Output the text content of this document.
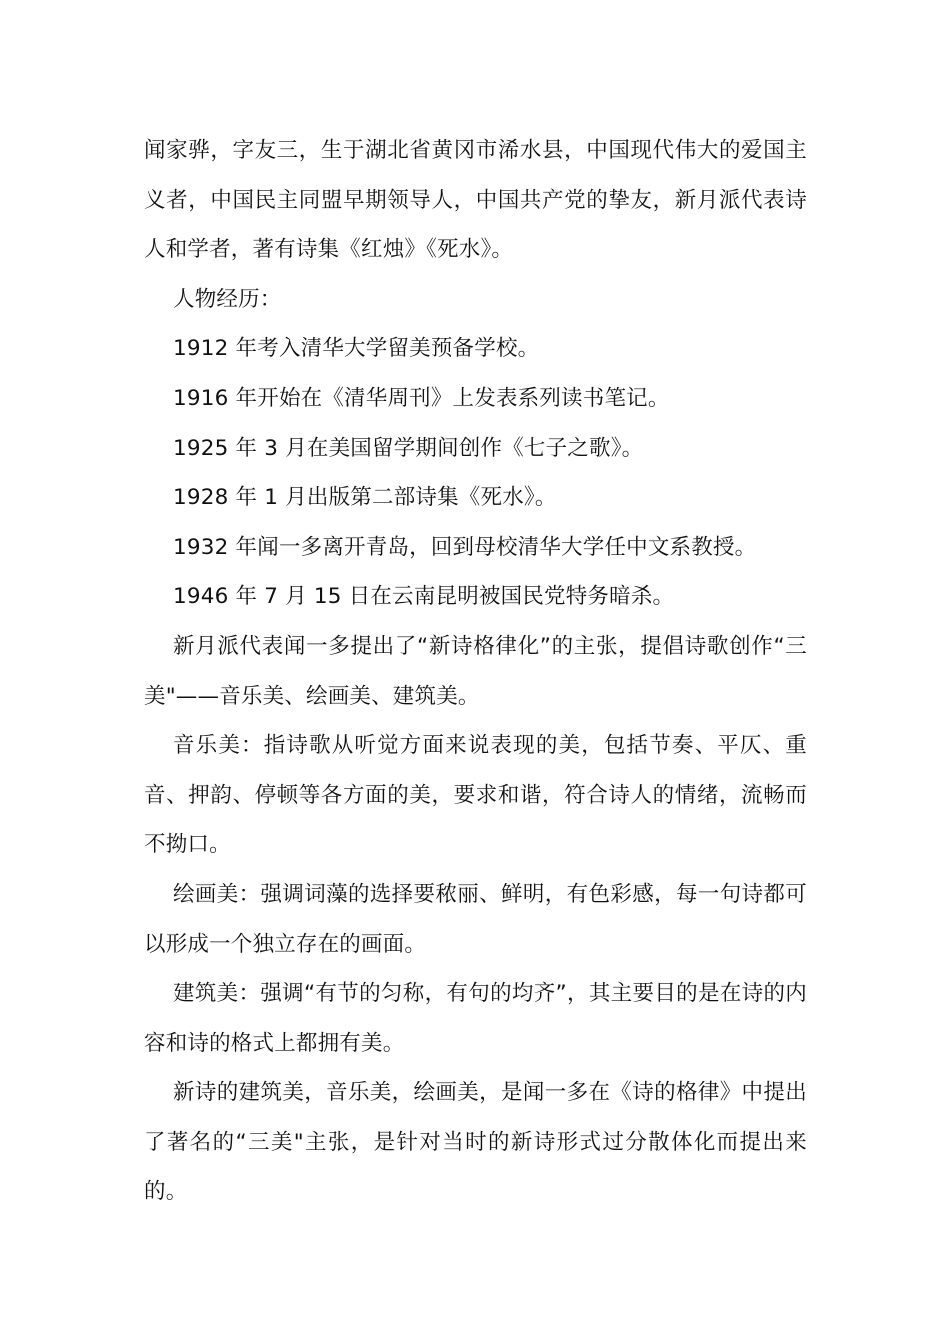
闻家骅，字友三，生于湖北省黄冈市浠水县，中国现代伟大的爱国主义者，中国民主同盟早期领导人，中国共产党的挚友，新月派代表诗人和学者，著有诗集《红烛》《死水》。

人物经历：

1912 年考入清华大学留美预备学校。

1916 年开始在《清华周刊》上发表系列读书笔记。

1925 年 3 月在美国留学期间创作《七子之歌》。

1928 年 1 月出版第二部诗集《死水》。

1932 年闻一多离开青岛，回到母校清华大学任中文系教授。

1946 年 7 月 15 日在云南昆明被国民党特务暗杀。

新月派代表闻一多提出了“新诗格律化”的主张，提倡诗歌创作“三美"——音乐美、绘画美、建筑美。

音乐美：指诗歌从听觉方面来说表现的美，包括节奏、平仄、重音、押韵、停顿等各方面的美，要求和谐，符合诗人的情绪，流畅而不拗口。

绘画美：强调词藻的选择要秾丽、鲜明，有色彩感，每一句诗都可以形成一个独立存在的画面。

建筑美：强调“有节的匀称，有句的均齐”，其主要目的是在诗的内容和诗的格式上都拥有美。

新诗的建筑美，音乐美，绘画美，是闻一多在《诗的格律》中提出了著名的“三美"主张，是针对当时的新诗形式过分散体化而提出来的。
